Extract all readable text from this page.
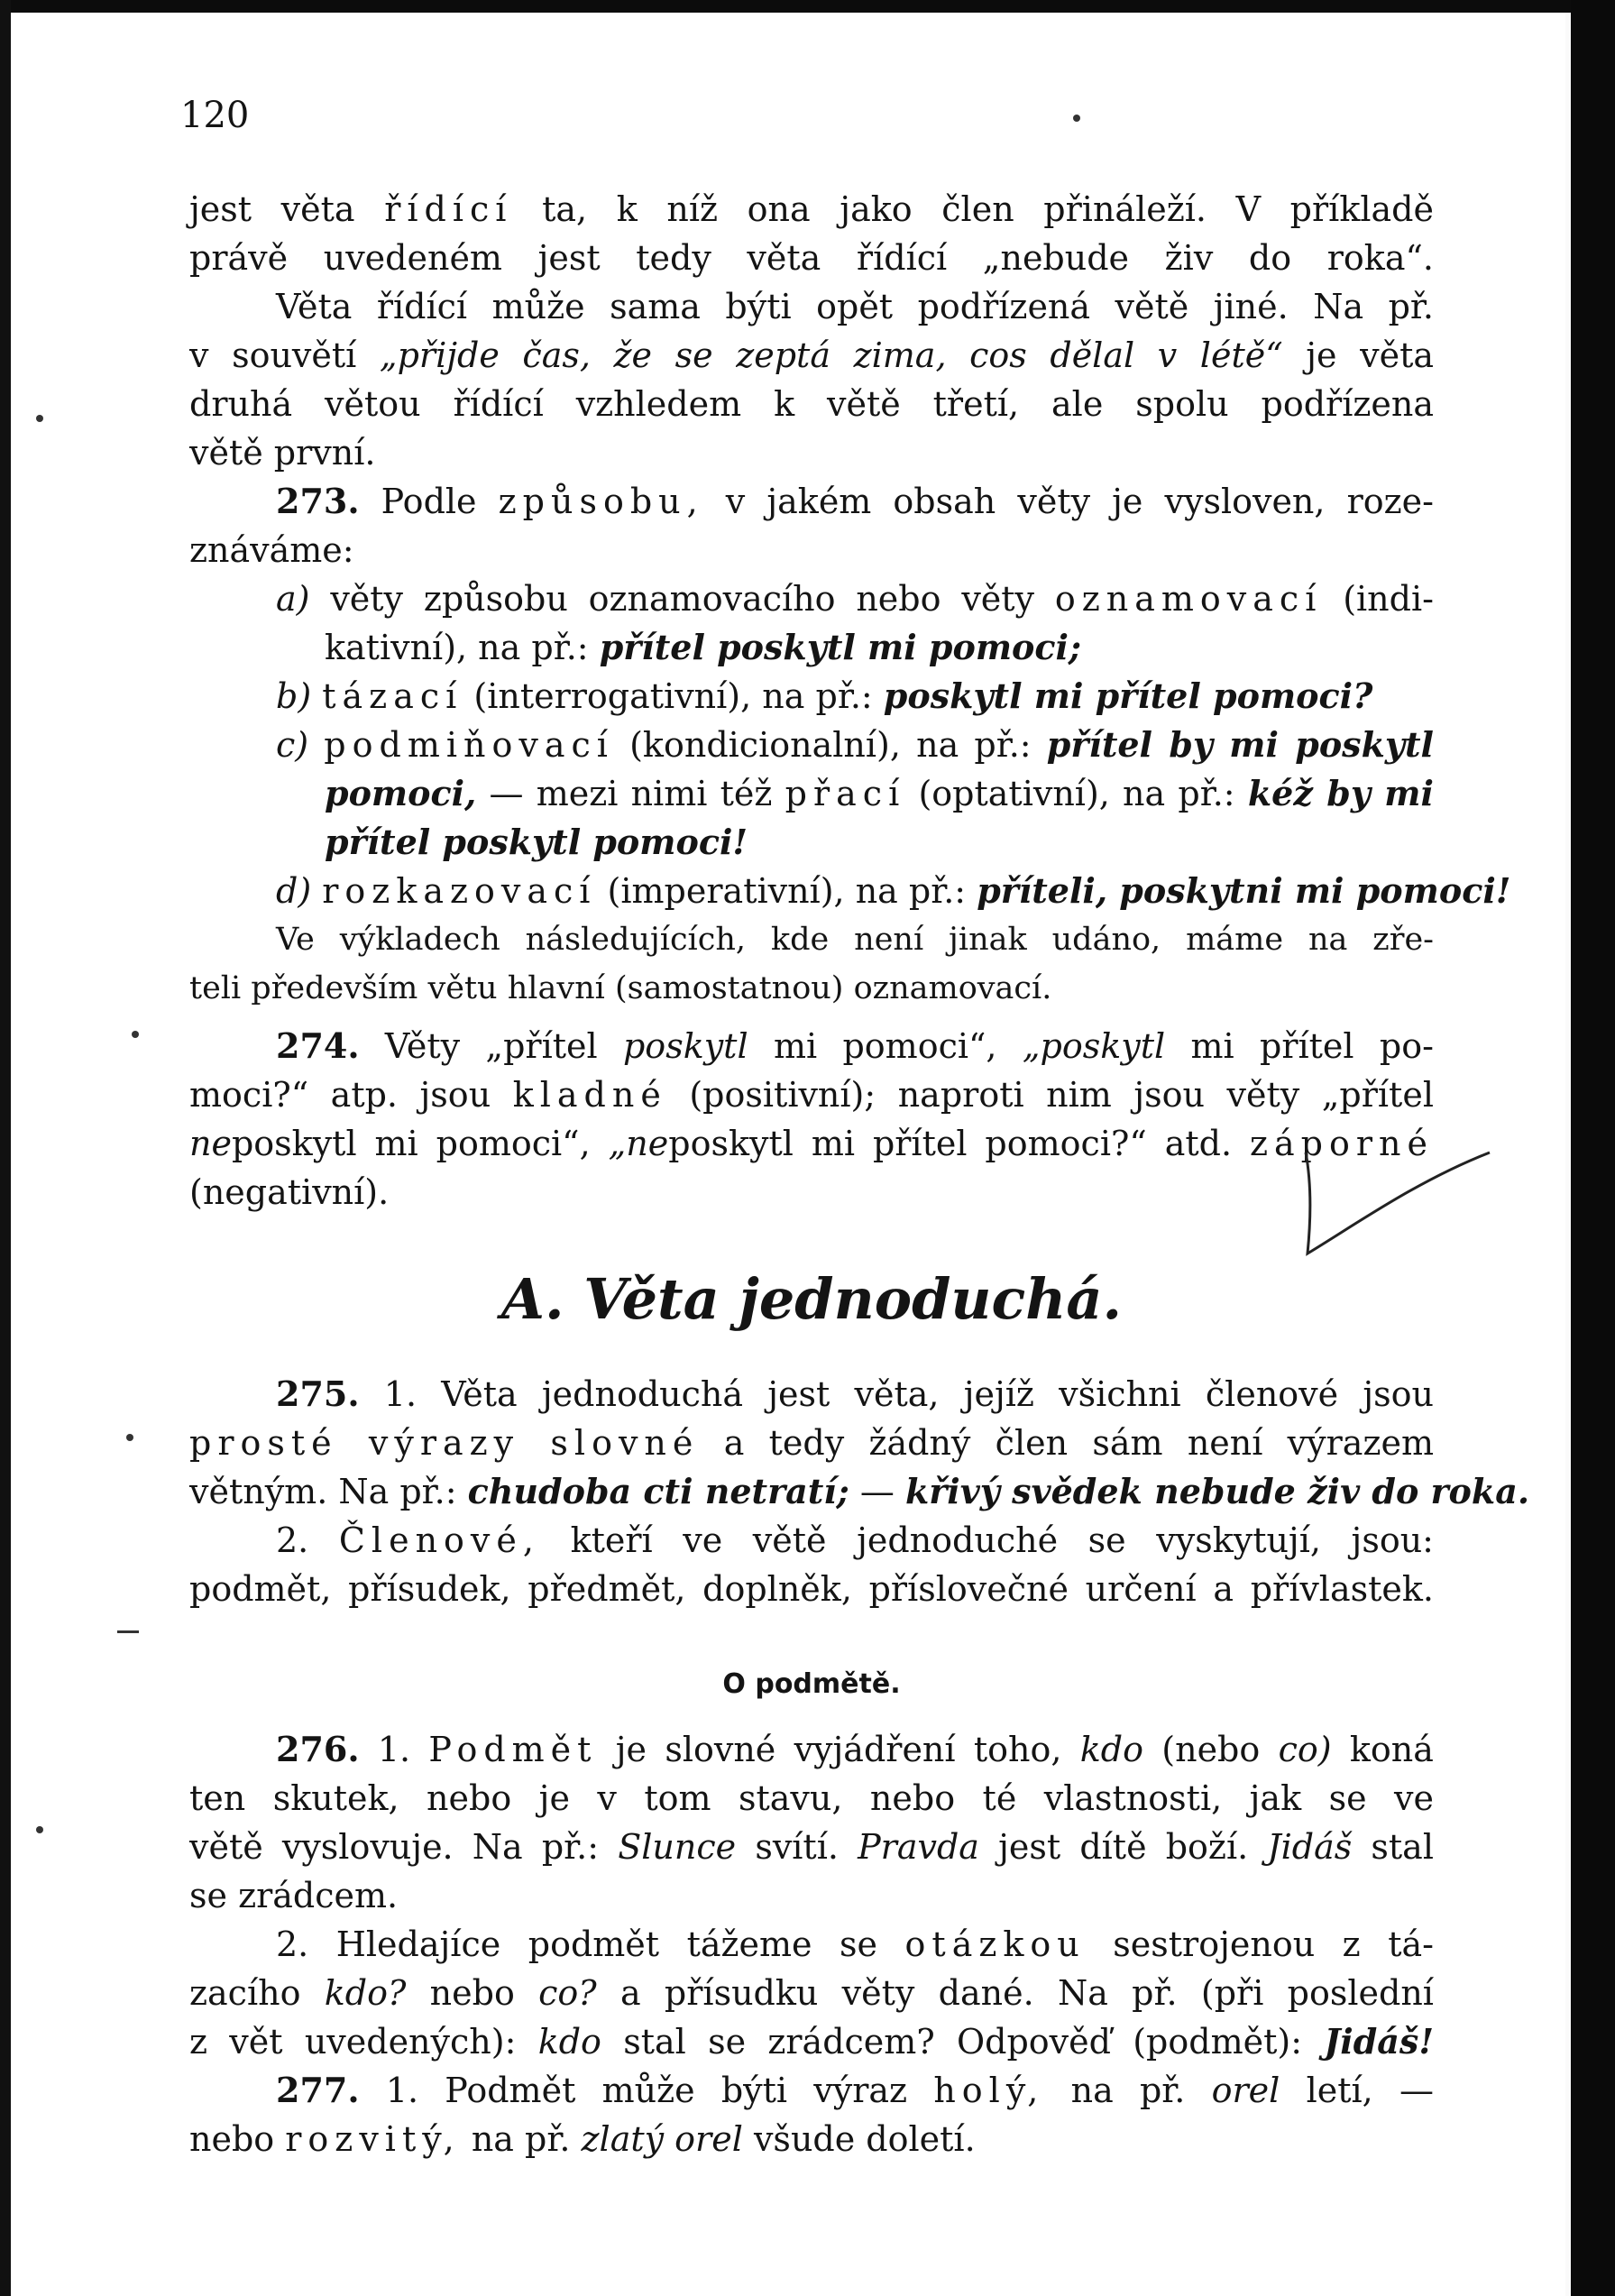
120
jest věta řídící ta, k níž ona jako člen přináleží. V příkladě
právě uvedeném jest tedy věta řídící „nebude živ do roka“.
Věta řídící může sama býti opět podřízená větě jiné. Na př.
v souvětí „přijde čas, že se zeptá zima, cos dělal v létě“ je věta
druhá větou řídící vzhledem k větě třetí, ale spolu podřízena
větě první.
273. Podle způsobu, v jakém obsah věty je vysloven, roze-
znáváme:
a) věty způsobu oznamovacího nebo věty oznamovací (indi-
kativní), na př.: přítel poskytl mi pomoci;
b) tázací (interrogativní), na př.: poskytl mi přítel pomoci?
c) podmiňovací (kondicionalní), na př.: přítel by mi poskytl
pomoci, — mezi nimi též přací (optativní), na př.: kéž by mi
přítel poskytl pomoci!
d) rozkazovací (imperativní), na př.: příteli, poskytni mi pomoci!
Ve výkladech následujících, kde není jinak udáno, máme na zře-
teli především větu hlavní (samostatnou) oznamovací.
274. Věty „přítel poskytl mi pomoci“, „poskytl mi přítel po-
moci?“ atp. jsou kladné (positivní); naproti nim jsou věty „přítel
neposkytl mi pomoci“, „neposkytl mi přítel pomoci?“ atd. záporné
(negativní).
A. Věta jednoduchá.
275. 1. Věta jednoduchá jest věta, jejíž všichni členové jsou
prosté výrazy slovné a tedy žádný člen sám není výrazem
větným. Na př.: chudoba cti netratí; — křivý svědek nebude živ do roka.
2. Členové, kteří ve větě jednoduché se vyskytují, jsou:
podmět, přísudek, předmět, doplněk, příslovečné určení a přívlastek.
O podmětě.
276. 1. Podmět je slovné vyjádření toho, kdo (nebo co) koná
ten skutek, nebo je v tom stavu, nebo té vlastnosti, jak se ve
větě vyslovuje. Na př.: Slunce svítí. Pravda jest dítě boží. Jidáš stal
se zrádcem.
2. Hledajíce podmět tážeme se otázkou sestrojenou z tá-
zacího kdo? nebo co? a přísudku věty dané. Na př. (při poslední
z vět uvedených): kdo stal se zrádcem? Odpověď (podmět): Jidáš!
277. 1. Podmět může býti výraz holý, na př. orel letí, —
nebo rozvitý, na př. zlatý orel všude doletí.
